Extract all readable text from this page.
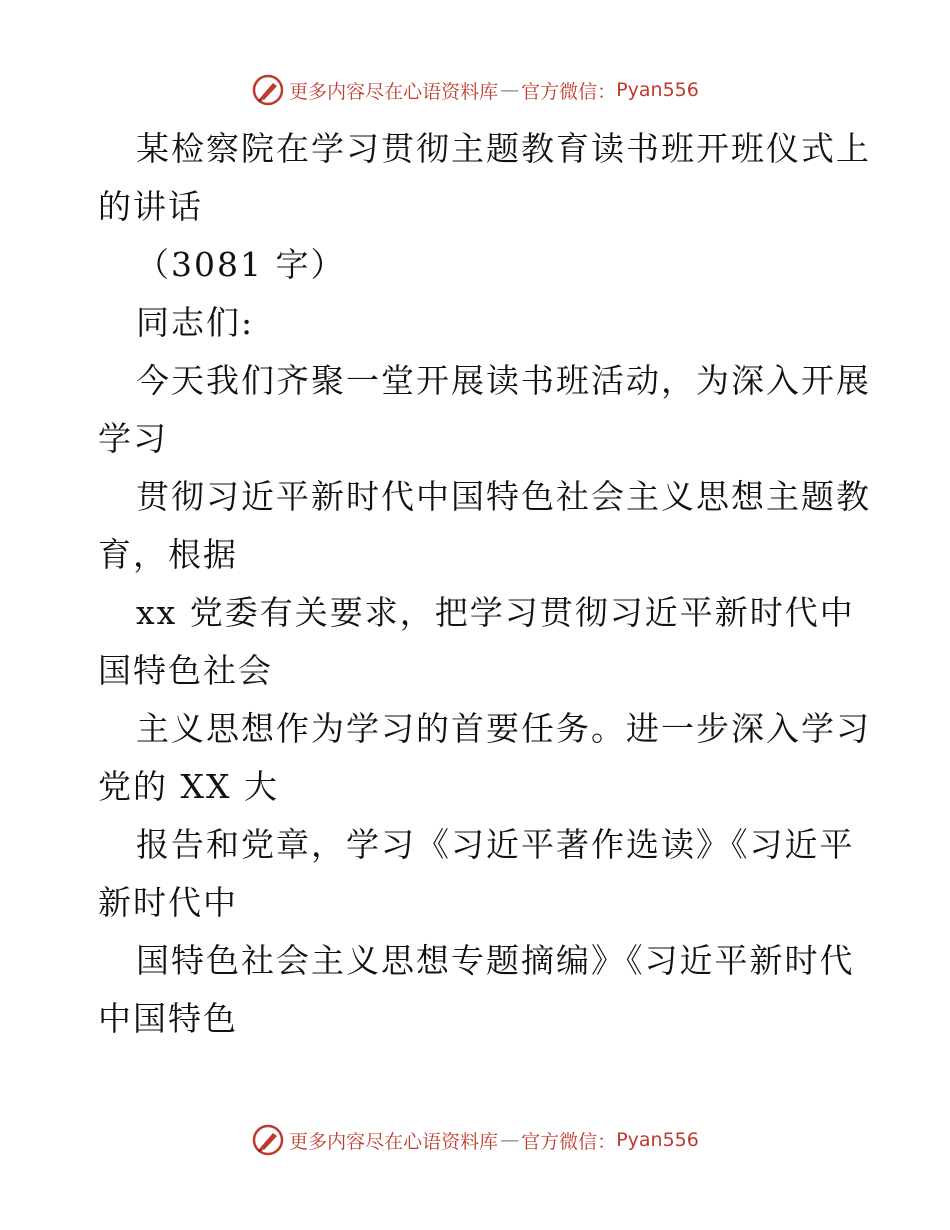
更多内容尽在心语资料库 — 官方微信： Pyan556
某检察院在学习贯彻主题教育读书班开班仪式上
的讲话
（3081 字）
同志们:
今天我们齐聚一堂开展读书班活动，为深入开展
学习
贯彻习近平新时代中国特色社会主义思想主题教
育，根据
xx 党委有关要求，把学习贯彻习近平新时代中
国特色社会
主义思想作为学习的首要任务。进一步深入学习
党的 XX 大
报告和党章，学习《习近平著作选读》《习近平
新时代中
国特色社会主义思想专题摘编》《习近平新时代
中国特色
更多内容尽在心语资料库 — 官方微信： Pyan556
